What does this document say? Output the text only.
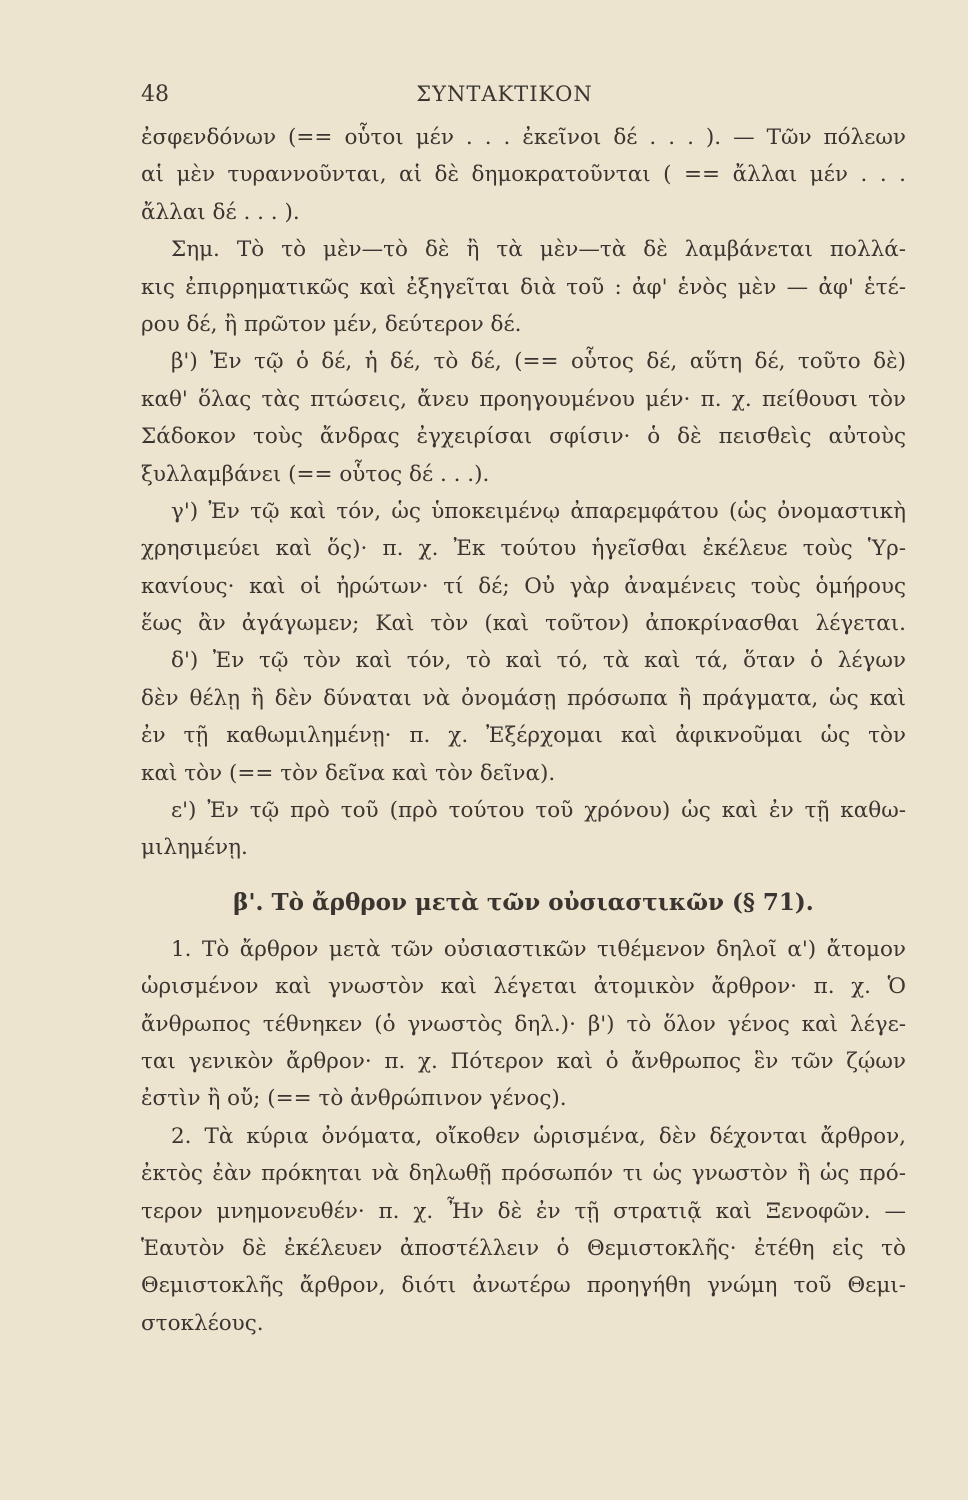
48	ΣΥΝΤΑΚΤΙΚΟΝ
ἐσφενδόνων (== οὗτοι μέν . . . ἐκεῖνοι δέ . . . ). — Τῶν πόλεων
αἱ μὲν τυραννοῦνται, αἱ δὲ δημοκρατοῦνται ( == ἄλλαι μέν . . .
ἄλλαι δέ . . . ).
Σημ. Τὸ τὸ μὲν—τὸ δὲ ἢ τὰ μὲν—τὰ δὲ λαμβάνεται πολλά-
κις ἐπιρρηματικῶς καὶ ἐξηγεῖται διὰ τοῦ : ἀφ' ἑνὸς μὲν — ἀφ' ἑτέ-
ρου δέ, ἢ πρῶτον μέν, δεύτερον δέ.
β') Ἐν τῷ ὁ δέ, ἡ δέ, τὸ δέ, (== οὗτος δέ, αὕτη δέ, τοῦτο δὲ)
καθ' ὅλας τὰς πτώσεις, ἄνευ προηγουμένου μέν· π. χ. πείθουσι τὸν
Σάδοκον τοὺς ἄνδρας ἐγχειρίσαι σφίσιν· ὁ δὲ πεισθεὶς αὐτοὺς
ξυλλαμβάνει (== οὗτος δέ . . .).
γ') Ἐν τῷ καὶ τόν, ὡς ὑποκειμένῳ ἀπαρεμφάτου (ὡς ὀνομαστικὴ
χρησιμεύει καὶ ὅς)· π. χ. Ἐκ τούτου ἡγεῖσθαι ἐκέλευε τοὺς Ὑρ-
καvίους· καὶ οἱ ἠρώτων· τί δέ; Οὐ γὰρ ἀναμένεις τοὺς ὁμήρους
ἕως ἂν ἀγάγωμεν; Καὶ τὸν (καὶ τοῦτον) ἀποκρίνασθαι λέγεται.
δ') Ἐν τῷ τὸν καὶ τόν, τὸ καὶ τό, τὰ καὶ τά, ὅταν ὁ λέγων
δὲν θέλῃ ἢ δὲν δύναται νὰ ὀνομάσῃ πρόσωπα ἢ πράγματα, ὡς καὶ
ἐν τῇ καθωμιλημένῃ· π. χ. Ἐξέρχομαι καὶ ἀφικνοῦμαι ὡς τὸν
καὶ τὸν (== τὸν δεῖνα καὶ τὸν δεῖνα).
ε') Ἐν τῷ πρὸ τοῦ (πρὸ τούτου τοῦ χρόνου) ὡς καὶ ἐν τῇ καθω-
μιλημένῃ.
β'. Τὸ ἄρθρον μετὰ τῶν οὐσιαστικῶν (§ 71).
1. Τὸ ἄρθρον μετὰ τῶν οὐσιαστικῶν τιθέμενον δηλοῖ α') ἄτομον
ὡρισμένον καὶ γνωστὸν καὶ λέγεται ἀτομικὸν ἄρθρον· π. χ. Ὁ
ἄνθρωπος τέθνηκεν (ὁ γνωστὸς δηλ.)· β') τὸ ὅλον γένος καὶ λέγε-
ται γενικὸν ἄρθρον· π. χ. Πότερον καὶ ὁ ἄνθρωπος ἓν τῶν ζῴων
ἐστὶν ἢ οὔ; (== τὸ ἀνθρώπινον γένος).
2. Τὰ κύρια ὀνόματα, οἴκοθεν ὡρισμένα, δὲν δέχονται ἄρθρον,
ἐκτὸς ἐὰν πρόκηται νὰ δηλωθῇ πρόσωπόν τι ὡς γνωστὸν ἢ ὡς πρό-
τερον μνημονευθέν· π. χ. Ἦν δὲ ἐν τῇ στρατιᾷ καὶ Ξενοφῶν. —
Ἑαυτὸν δὲ ἐκέλευεν ἀποστέλλειν ὁ Θεμιστοκλῆς· ἐτέθη εἰς τὸ
Θεμιστοκλῆς ἄρθρον, διότι ἀνωτέρω προηγήθη γνώμη τοῦ Θεμι-
στοκλέους.
